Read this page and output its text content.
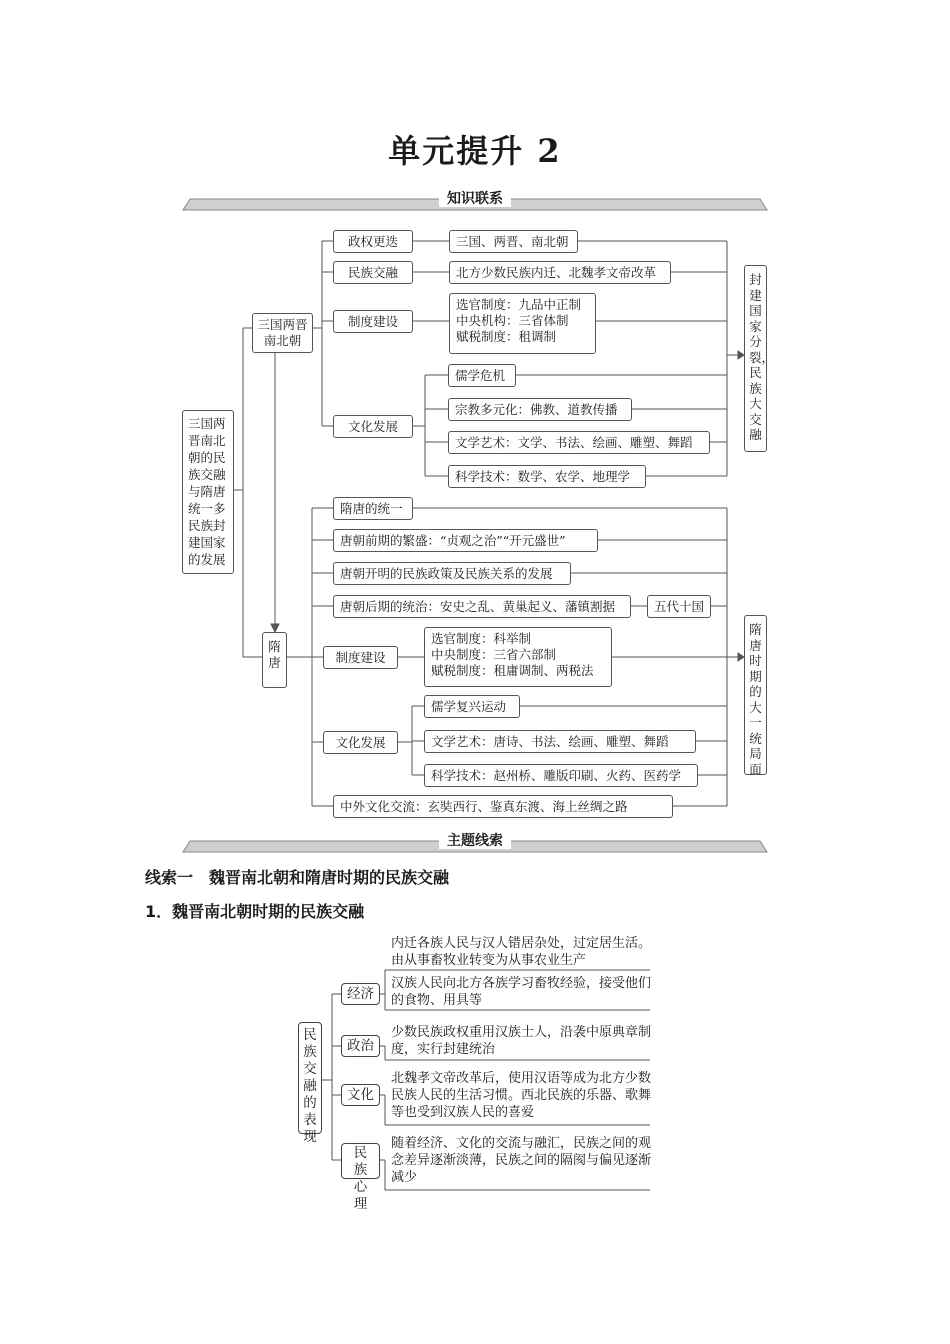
单元提升 2
知识联系
三国两晋南北朝的民族交融与隋唐统一多民族封建国家的发展
三国两晋南北朝
隋唐
政权更迭	三国、两晋、南北朝
民族交融	北方少数民族内迁、北魏孝文帝改革
制度建设
选官制度：九品中正制
中央机构：三省体制
赋税制度：租调制
文化发展
儒学危机
宗教多元化：佛教、道教传播
文学艺术：文学、书法、绘画、雕塑、舞蹈
科学技术：数学、农学、地理学
封建国家分裂，民族大交融
隋唐的统一
唐朝前期的繁盛：“贞观之治”“开元盛世”
唐朝开明的民族政策及民族关系的发展
唐朝后期的统治：安史之乱、黄巢起义、藩镇割据	五代十国
制度建设
选官制度：科举制
中央制度：三省六部制
赋税制度：租庸调制、两税法
文化发展
儒学复兴运动
文学艺术：唐诗、书法、绘画、雕塑、舞蹈
科学技术：赵州桥、雕版印刷、火药、医药学
中外文化交流：玄奘西行、鉴真东渡、海上丝绸之路
隋唐时期的大一统局面
主题线索
线索一　魏晋南北朝和隋唐时期的民族交融
1．魏晋南北朝时期的民族交融
民族交融的表现
经济
政治
文化
民族心理
内迁各族人民与汉人错居杂处，过定居生活。由从事畜牧业转变为从事农业生产
汉族人民向北方各族学习畜牧经验，接受他们的食物、用具等
少数民族政权重用汉族士人，沿袭中原典章制度，实行封建统治
北魏孝文帝改革后，使用汉语等成为北方少数民族人民的生活习惯。西北民族的乐器、歌舞等也受到汉族人民的喜爱
随着经济、文化的交流与融汇，民族之间的观念差异逐渐淡薄，民族之间的隔阂与偏见逐渐减少
